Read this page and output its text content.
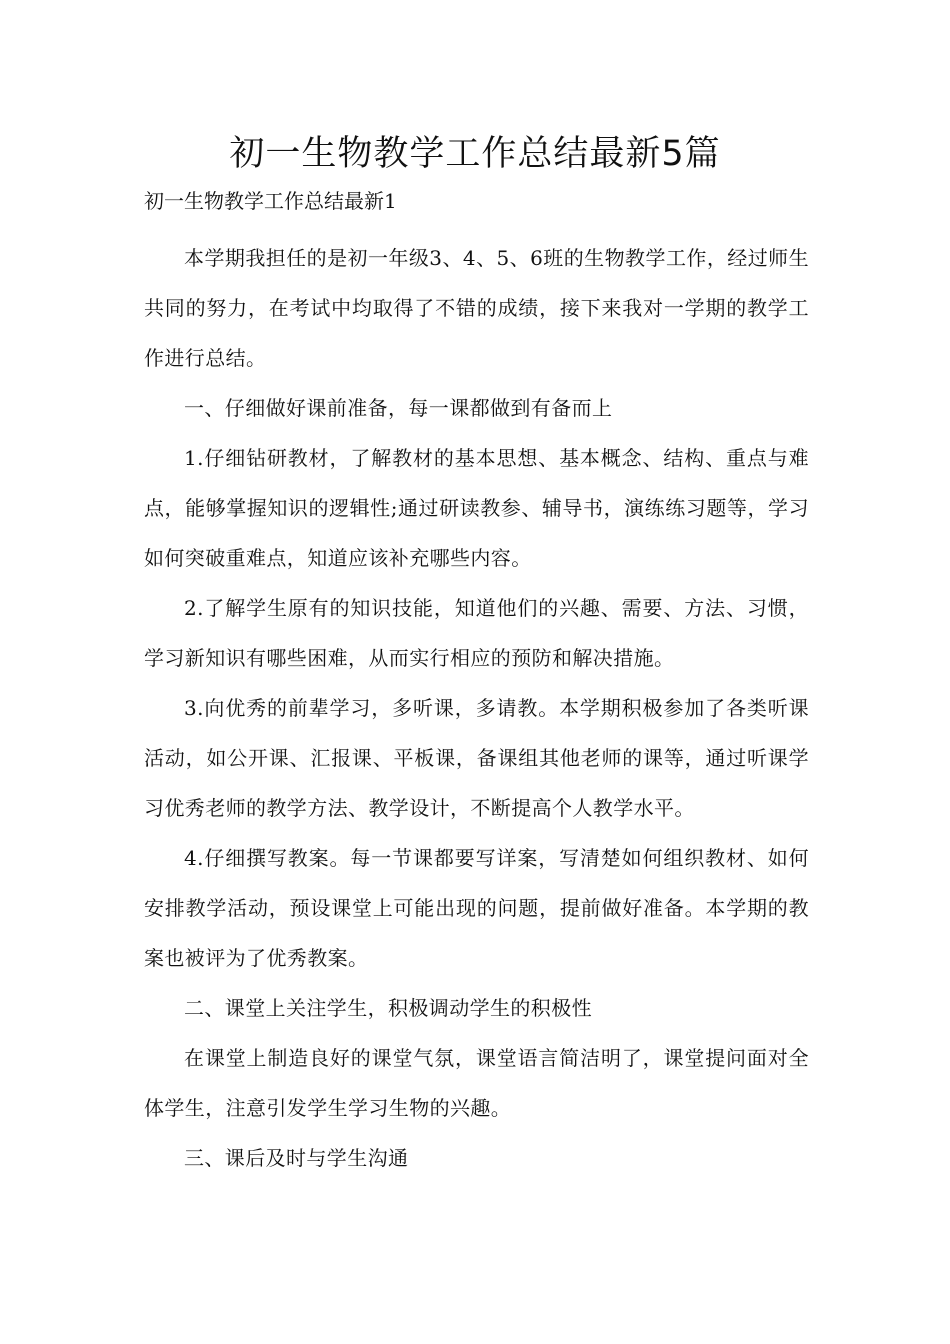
初一生物教学工作总结最新5篇

初一生物教学工作总结最新1

本学期我担任的是初一年级3、4、5、6班的生物教学工作，经过师生共同的努力，在考试中均取得了不错的成绩，接下来我对一学期的教学工作进行总结。

一、仔细做好课前准备，每一课都做到有备而上

1.仔细钻研教材，了解教材的基本思想、基本概念、结构、重点与难点，能够掌握知识的逻辑性;通过研读教参、辅导书，演练练习题等，学习如何突破重难点，知道应该补充哪些内容。

2.了解学生原有的知识技能，知道他们的兴趣、需要、方法、习惯，学习新知识有哪些困难，从而实行相应的预防和解决措施。

3.向优秀的前辈学习，多听课，多请教。本学期积极参加了各类听课活动，如公开课、汇报课、平板课，备课组其他老师的课等，通过听课学习优秀老师的教学方法、教学设计，不断提高个人教学水平。

4.仔细撰写教案。每一节课都要写详案，写清楚如何组织教材、如何安排教学活动，预设课堂上可能出现的问题，提前做好准备。本学期的教案也被评为了优秀教案。

二、课堂上关注学生，积极调动学生的积极性

在课堂上制造良好的课堂气氛，课堂语言简洁明了，课堂提问面对全体学生，注意引发学生学习生物的兴趣。

三、课后及时与学生沟通
